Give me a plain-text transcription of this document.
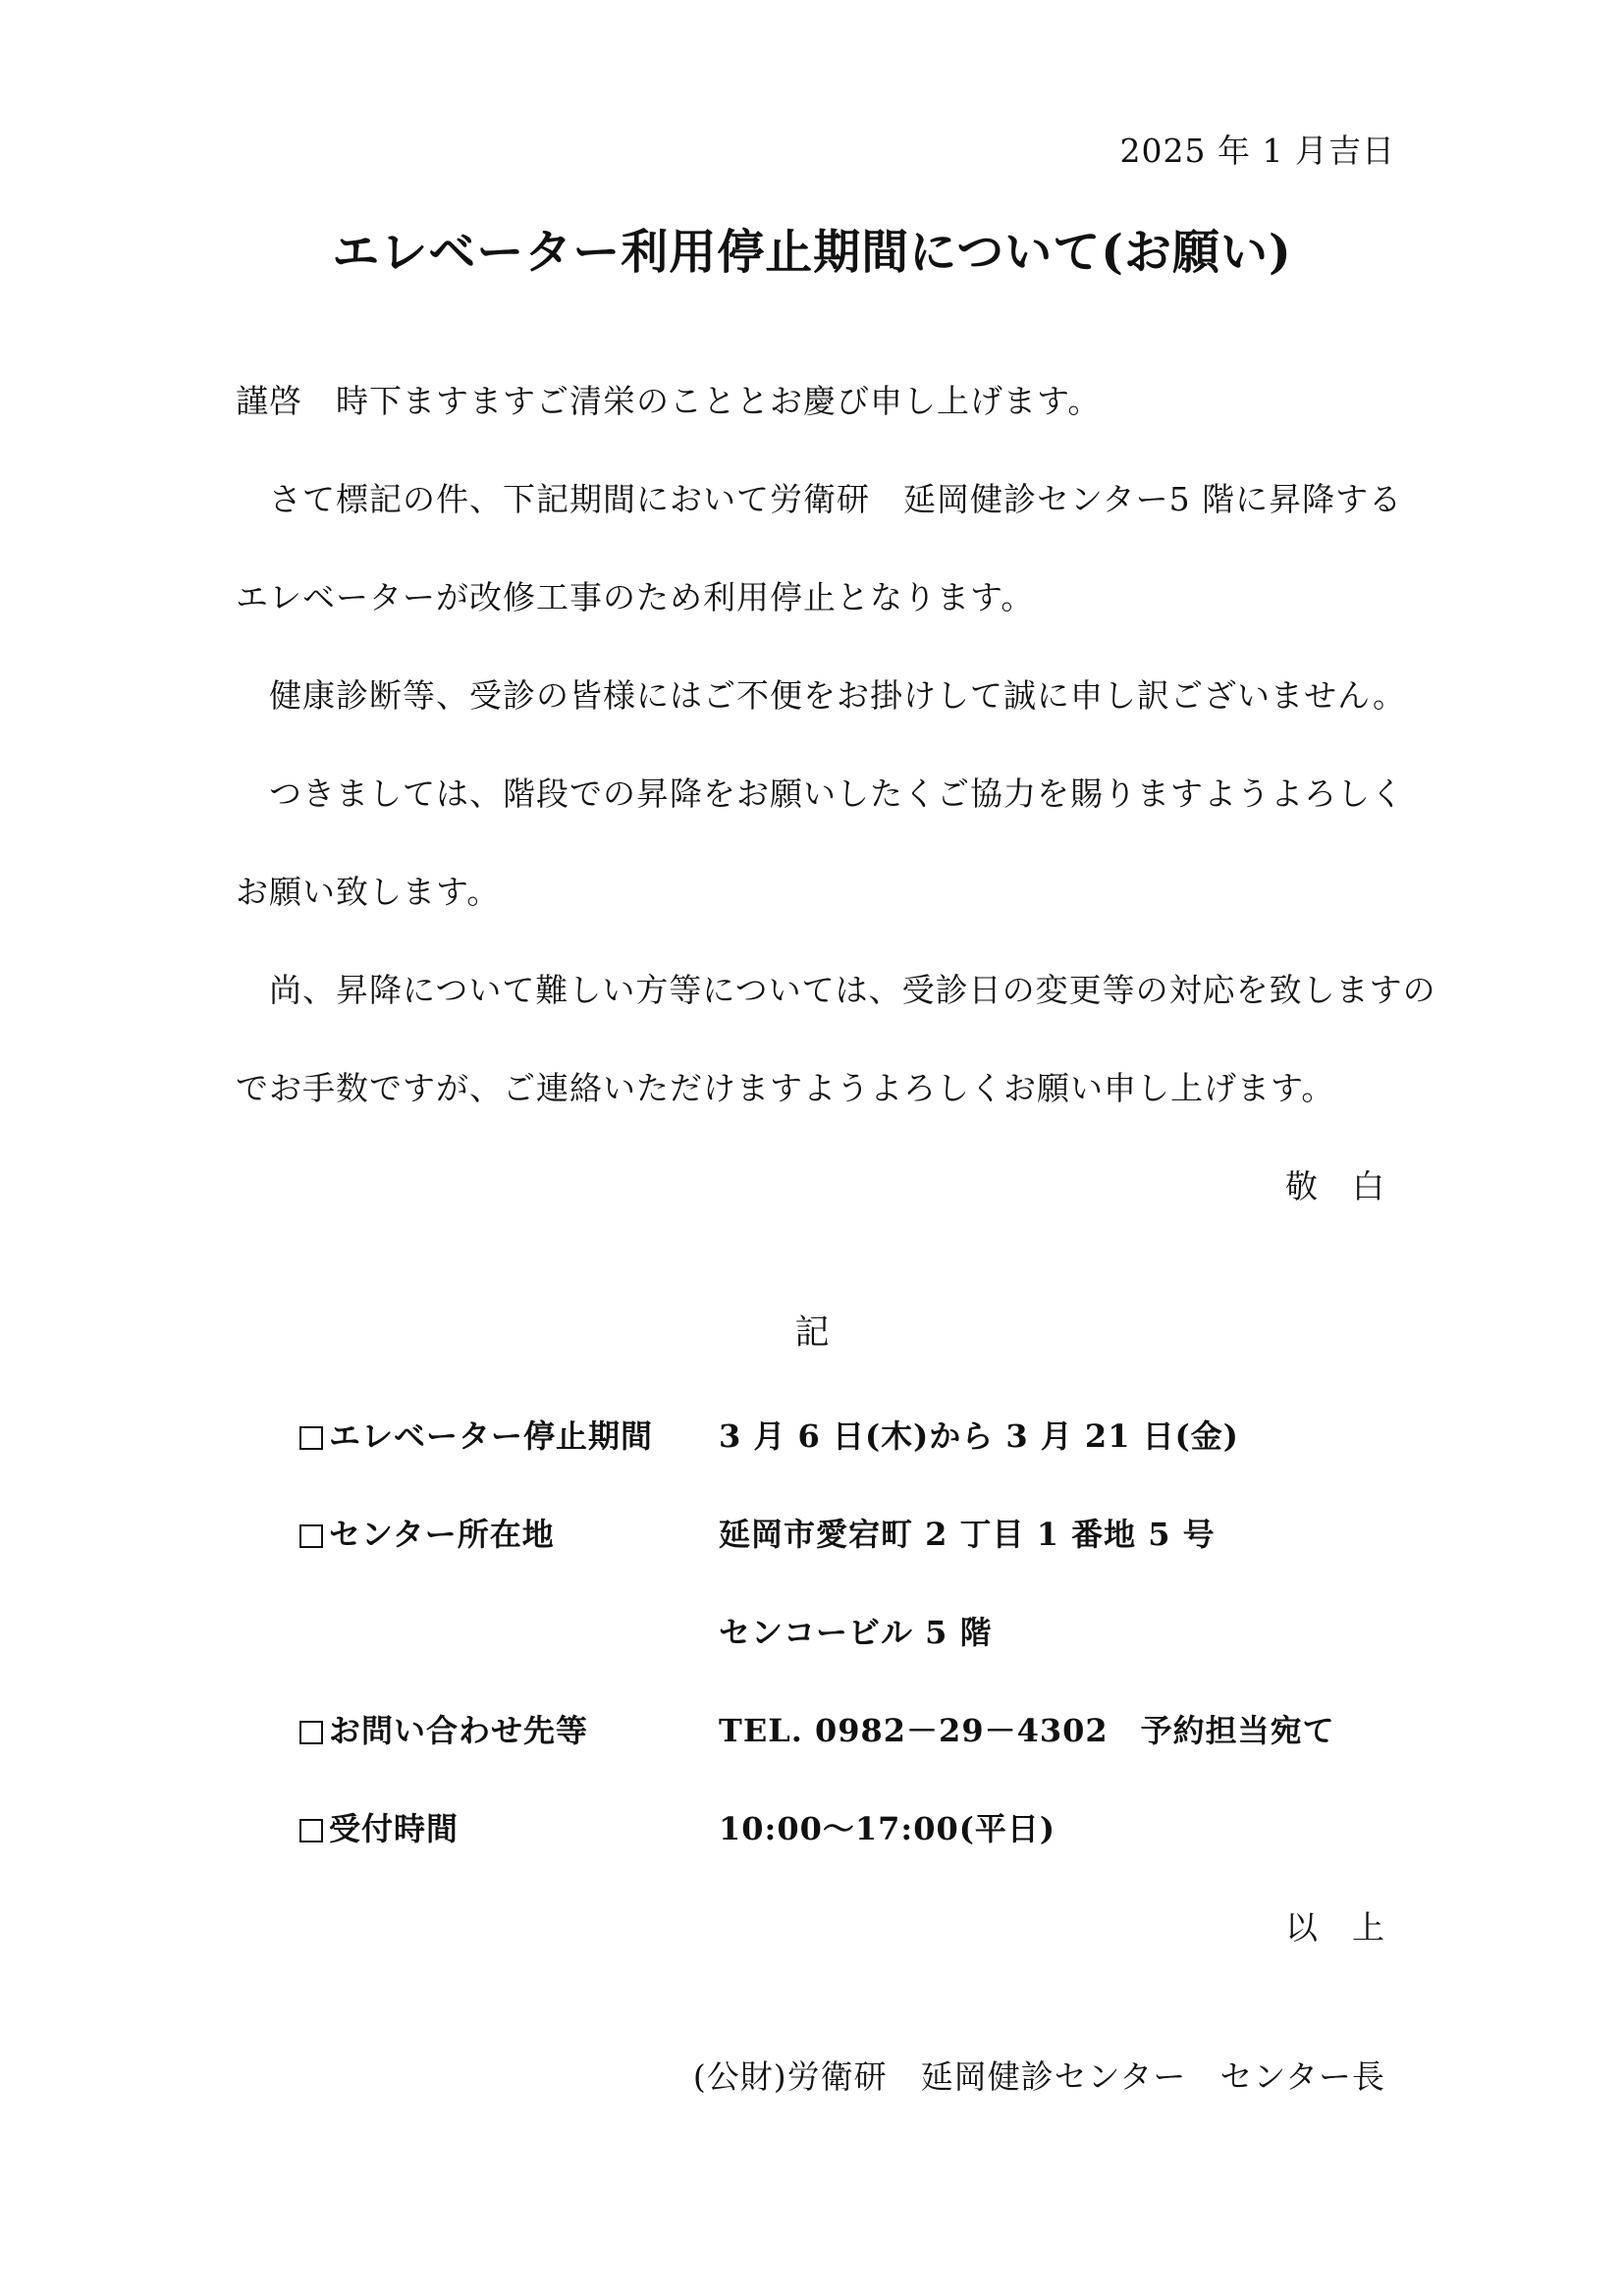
2025 年 1 月吉日
エレベーター利用停止期間について(お願い)
謹啓　時下ますますご清栄のこととお慶び申し上げます。
　さて標記の件、下記期間において労衛研　延岡健診センター5 階に昇降する
エレベーターが改修工事のため利用停止となります。
　健康診断等、受診の皆様にはご不便をお掛けして誠に申し訳ございません。
　つきましては、階段での昇降をお願いしたくご協力を賜りますようよろしく
お願い致します。
　尚、昇降について難しい方等については、受診日の変更等の対応を致しますの
でお手数ですが、ご連絡いただけますようよろしくお願い申し上げます。
敬　白
記
エレベーター停止期間 3 月 6 日(木)から 3 月 21 日(金)
センター所在地	延岡市愛宕町 2 丁目 1 番地 5 号
センコービル 5 階
お問い合わせ先等	TEL. 0982－29－4302　予約担当宛て
受付時間	10:00～17:00(平日)
以　上
(公財)労衛研　延岡健診センター　センター長
